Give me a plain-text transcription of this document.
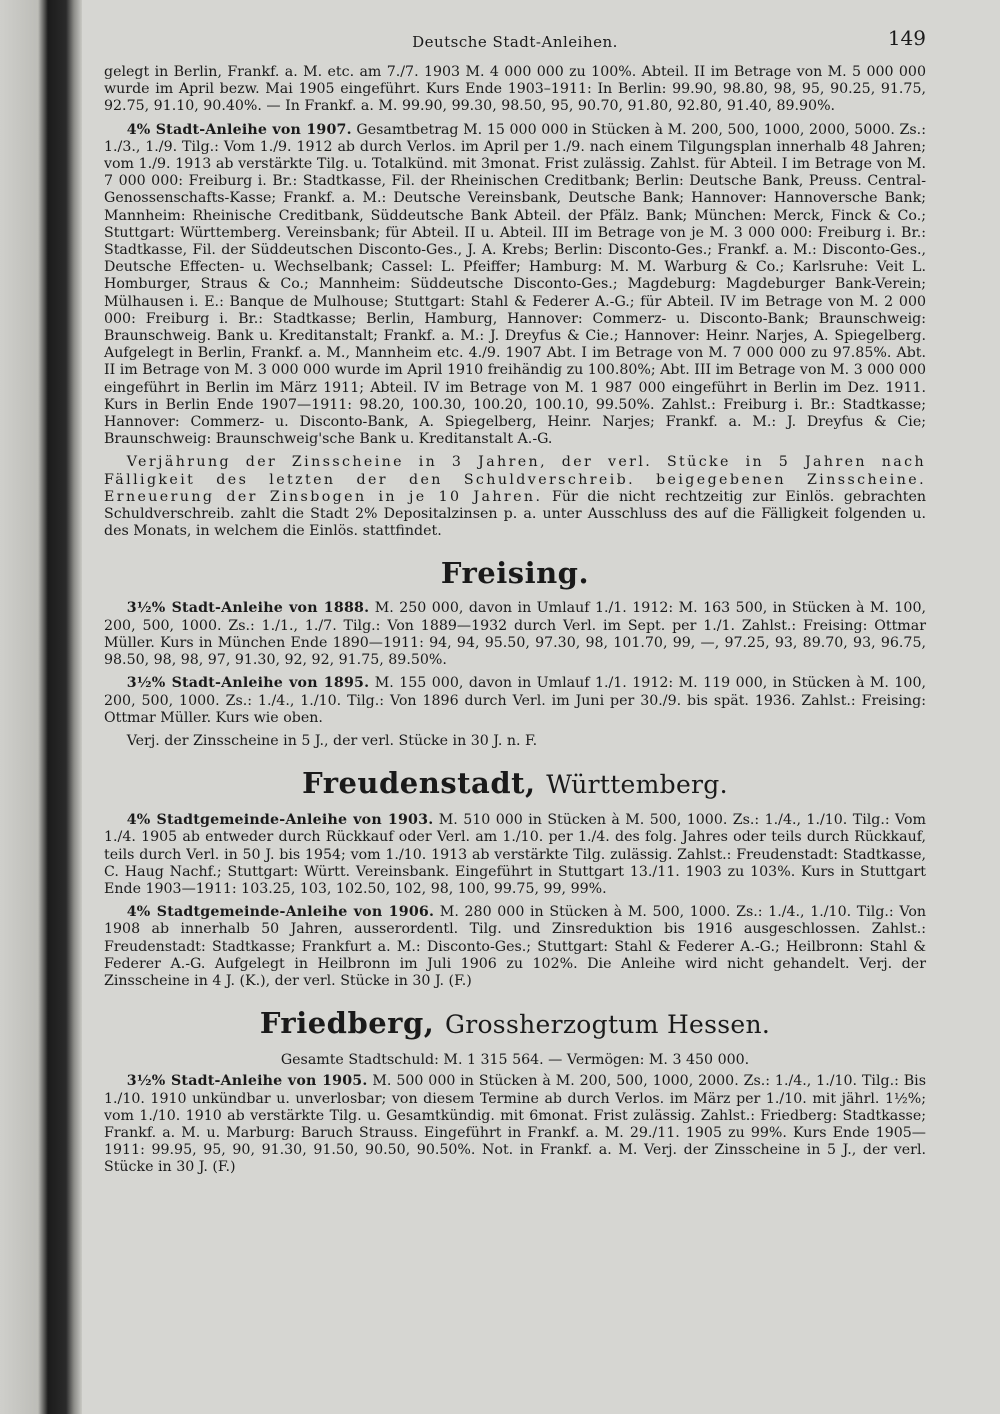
Deutsche Stadt-Anleihen.	149

gelegt in Berlin, Frankf. a. M. etc. am 7./7. 1903 M. 4 000 000 zu 100%. Abteil. II im Betrage von M. 5 000 000 wurde im April bezw. Mai 1905 eingeführt. Kurs Ende 1903–1911: In Berlin: 99.90, 98.80, 98, 95, 90.25, 91.75, 92.75, 91.10, 90.40%. — In Frankf. a. M. 99.90, 99.30, 98.50, 95, 90.70, 91.80, 92.80, 91.40, 89.90%.

4% Stadt-Anleihe von 1907. Gesamtbetrag M. 15 000 000 in Stücken à M. 200, 500, 1000, 2000, 5000. Zs.: 1./3., 1./9. Tilg.: Vom 1./9. 1912 ab durch Verlos. im April per 1./9. nach einem Tilgungsplan innerhalb 48 Jahren; vom 1./9. 1913 ab verstärkte Tilg. u. Totalkünd. mit 3monat. Frist zulässig. Zahlst. für Abteil. I im Betrage von M. 7 000 000: Freiburg i. Br.: Stadtkasse, Fil. der Rheinischen Creditbank; Berlin: Deutsche Bank, Preuss. Central-Genossenschafts-Kasse; Frankf. a. M.: Deutsche Vereinsbank, Deutsche Bank; Hannover: Hannoversche Bank; Mannheim: Rheinische Creditbank, Süddeutsche Bank Abteil. der Pfälz. Bank; München: Merck, Finck & Co.; Stuttgart: Württemberg. Vereinsbank; für Abteil. II u. Abteil. III im Betrage von je M. 3 000 000: Freiburg i. Br.: Stadtkasse, Fil. der Süddeutschen Disconto-Ges., J. A. Krebs; Berlin: Disconto-Ges.; Frankf. a. M.: Disconto-Ges., Deutsche Effecten- u. Wechselbank; Cassel: L. Pfeiffer; Hamburg: M. M. Warburg & Co.; Karlsruhe: Veit L. Homburger, Straus & Co.; Mannheim: Süddeutsche Disconto-Ges.; Magdeburg: Magdeburger Bank-Verein; Mülhausen i. E.: Banque de Mulhouse; Stuttgart: Stahl & Federer A.-G.; für Abteil. IV im Betrage von M. 2 000 000: Freiburg i. Br.: Stadtkasse; Berlin, Hamburg, Hannover: Commerz- u. Disconto-Bank; Braunschweig: Braunschweig. Bank u. Kreditanstalt; Frankf. a. M.: J. Dreyfus & Cie.; Hannover: Heinr. Narjes, A. Spiegelberg. Aufgelegt in Berlin, Frankf. a. M., Mannheim etc. 4./9. 1907 Abt. I im Betrage von M. 7 000 000 zu 97.85%. Abt. II im Betrage von M. 3 000 000 wurde im April 1910 freihändig zu 100.80%; Abt. III im Betrage von M. 3 000 000 eingeführt in Berlin im März 1911; Abteil. IV im Betrage von M. 1 987 000 eingeführt in Berlin im Dez. 1911. Kurs in Berlin Ende 1907—1911: 98.20, 100.30, 100.20, 100.10, 99.50%. Zahlst.: Freiburg i. Br.: Stadtkasse; Hannover: Commerz- u. Disconto-Bank, A. Spiegelberg, Heinr. Narjes; Frankf. a. M.: J. Dreyfus & Cie; Braunschweig: Braunschweig'sche Bank u. Kreditanstalt A.-G.

Verjährung der Zinsscheine in 3 Jahren, der verl. Stücke in 5 Jahren nach Fälligkeit des letzten der den Schuldverschreib. beigegebenen Zinsscheine. Erneuerung der Zinsbogen in je 10 Jahren. Für die nicht rechtzeitig zur Einlös. gebrachten Schuldverschreib. zahlt die Stadt 2% Depositalzinsen p. a. unter Ausschluss des auf die Fälligkeit folgenden u. des Monats, in welchem die Einlös. stattfindet.

Freising.

3½% Stadt-Anleihe von 1888. M. 250 000, davon in Umlauf 1./1. 1912: M. 163 500, in Stücken à M. 100, 200, 500, 1000. Zs.: 1./1., 1./7. Tilg.: Von 1889—1932 durch Verl. im Sept. per 1./1. Zahlst.: Freising: Ottmar Müller. Kurs in München Ende 1890—1911: 94, 94, 95.50, 97.30, 98, 101.70, 99, —, 97.25, 93, 89.70, 93, 96.75, 98.50, 98, 98, 97, 91.30, 92, 92, 91.75, 89.50%.

3½% Stadt-Anleihe von 1895. M. 155 000, davon in Umlauf 1./1. 1912: M. 119 000, in Stücken à M. 100, 200, 500, 1000. Zs.: 1./4., 1./10. Tilg.: Von 1896 durch Verl. im Juni per 30./9. bis spät. 1936. Zahlst.: Freising: Ottmar Müller. Kurs wie oben.

Verj. der Zinsscheine in 5 J., der verl. Stücke in 30 J. n. F.

Freudenstadt, Württemberg.

4% Stadtgemeinde-Anleihe von 1903. M. 510 000 in Stücken à M. 500, 1000. Zs.: 1./4., 1./10. Tilg.: Vom 1./4. 1905 ab entweder durch Rückkauf oder Verl. am 1./10. per 1./4. des folg. Jahres oder teils durch Rückkauf, teils durch Verl. in 50 J. bis 1954; vom 1./10. 1913 ab verstärkte Tilg. zulässig. Zahlst.: Freudenstadt: Stadtkasse, C. Haug Nachf.; Stuttgart: Württ. Vereinsbank. Eingeführt in Stuttgart 13./11. 1903 zu 103%. Kurs in Stuttgart Ende 1903—1911: 103.25, 103, 102.50, 102, 98, 100, 99.75, 99, 99%.

4% Stadtgemeinde-Anleihe von 1906. M. 280 000 in Stücken à M. 500, 1000. Zs.: 1./4., 1./10. Tilg.: Von 1908 ab innerhalb 50 Jahren, ausserordentl. Tilg. und Zinsreduktion bis 1916 ausgeschlossen. Zahlst.: Freudenstadt: Stadtkasse; Frankfurt a. M.: Disconto-Ges.; Stuttgart: Stahl & Federer A.-G.; Heilbronn: Stahl & Federer A.-G. Aufgelegt in Heilbronn im Juli 1906 zu 102%. Die Anleihe wird nicht gehandelt. Verj. der Zinsscheine in 4 J. (K.), der verl. Stücke in 30 J. (F.)

Friedberg, Grossherzogtum Hessen.

Gesamte Stadtschuld: M. 1 315 564. — Vermögen: M. 3 450 000.

3½% Stadt-Anleihe von 1905. M. 500 000 in Stücken à M. 200, 500, 1000, 2000. Zs.: 1./4., 1./10. Tilg.: Bis 1./10. 1910 unkündbar u. unverlosbar; von diesem Termine ab durch Verlos. im März per 1./10. mit jährl. 1½%; vom 1./10. 1910 ab verstärkte Tilg. u. Gesamtkündig. mit 6monat. Frist zulässig. Zahlst.: Friedberg: Stadtkasse; Frankf. a. M. u. Marburg: Baruch Strauss. Eingeführt in Frankf. a. M. 29./11. 1905 zu 99%. Kurs Ende 1905—1911: 99.95, 95, 90, 91.30, 91.50, 90.50, 90.50%. Not. in Frankf. a. M. Verj. der Zinsscheine in 5 J., der verl. Stücke in 30 J. (F.)
